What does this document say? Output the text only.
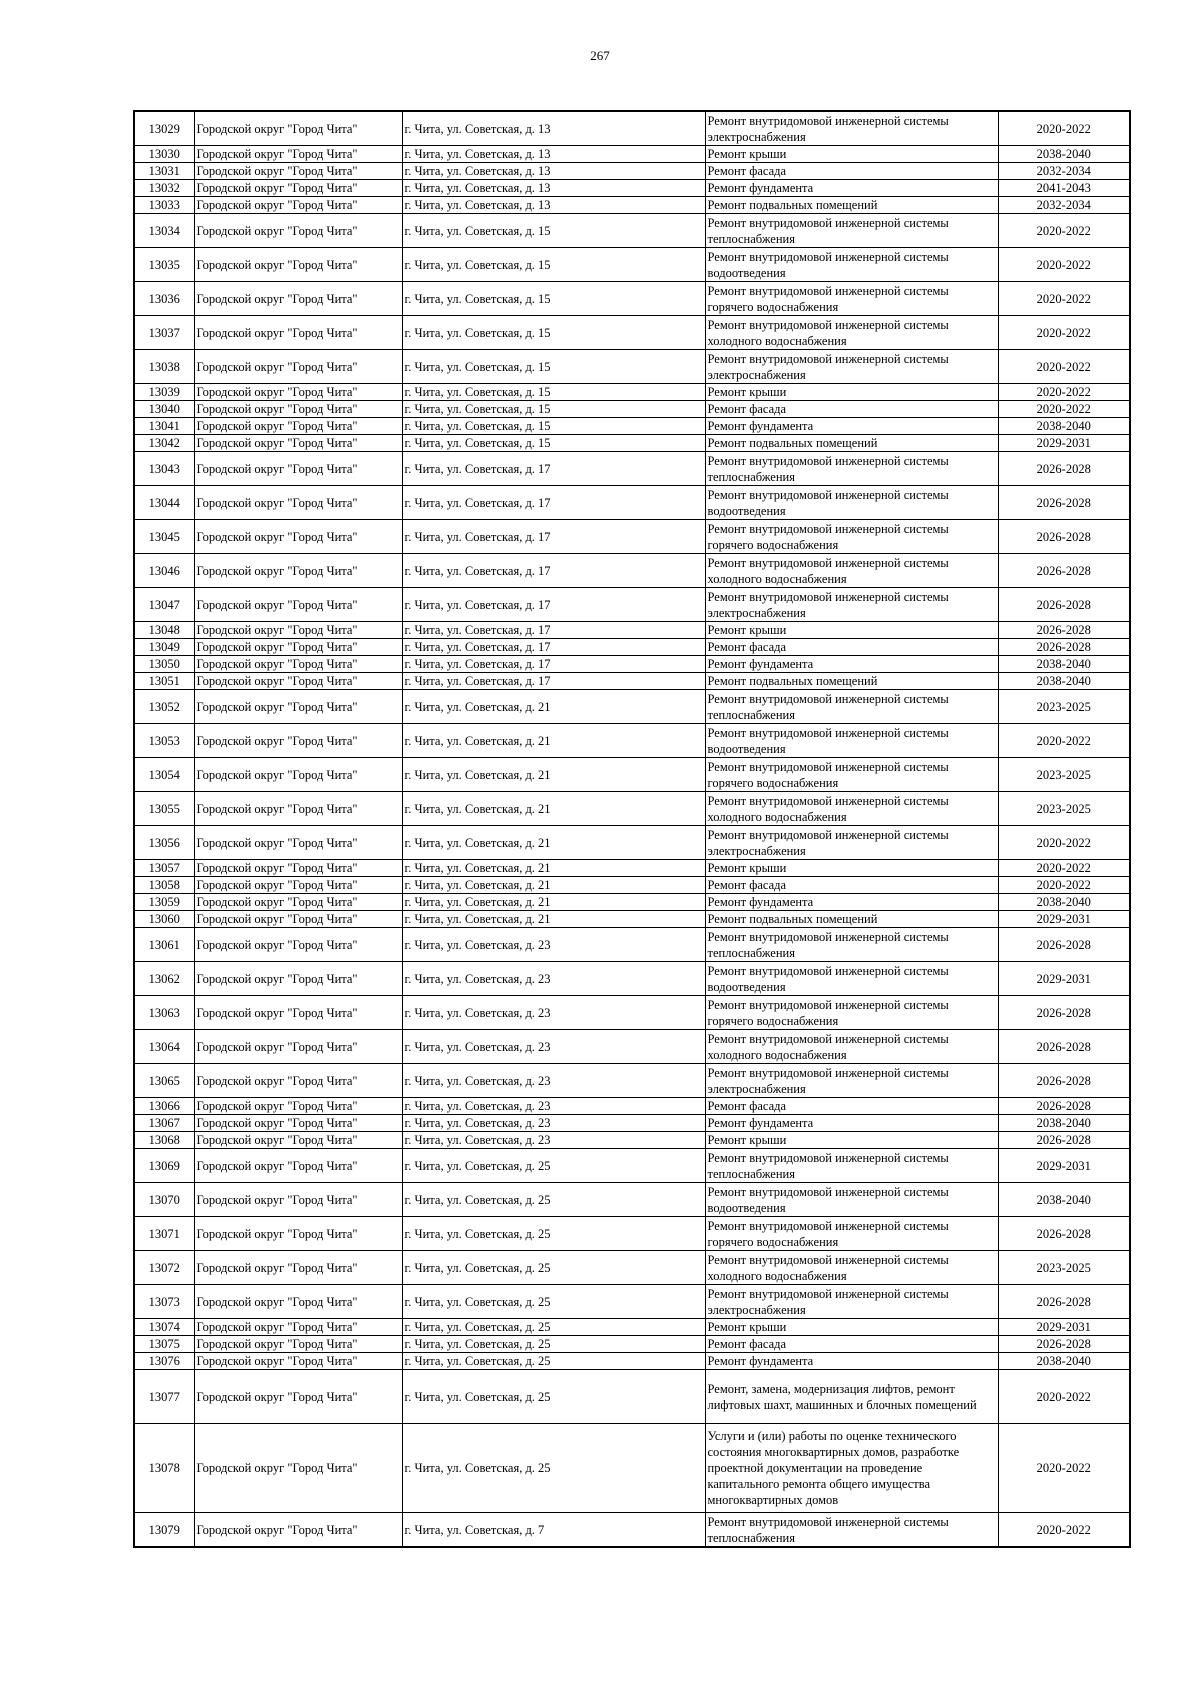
267
13029	Городской округ "Город Чита"	г. Чита, ул. Советская, д. 13	Ремонт внутридомовой инженерной системы электроснабжения	2020-2022
13030	Городской округ "Город Чита"	г. Чита, ул. Советская, д. 13	Ремонт крыши	2038-2040
13031	Городской округ "Город Чита"	г. Чита, ул. Советская, д. 13	Ремонт фасада	2032-2034
13032	Городской округ "Город Чита"	г. Чита, ул. Советская, д. 13	Ремонт фундамента	2041-2043
13033	Городской округ "Город Чита"	г. Чита, ул. Советская, д. 13	Ремонт подвальных помещений	2032-2034
13034	Городской округ "Город Чита"	г. Чита, ул. Советская, д. 15	Ремонт внутридомовой инженерной системы теплоснабжения	2020-2022
13035	Городской округ "Город Чита"	г. Чита, ул. Советская, д. 15	Ремонт внутридомовой инженерной системы водоотведения	2020-2022
13036	Городской округ "Город Чита"	г. Чита, ул. Советская, д. 15	Ремонт внутридомовой инженерной системы горячего водоснабжения	2020-2022
13037	Городской округ "Город Чита"	г. Чита, ул. Советская, д. 15	Ремонт внутридомовой инженерной системы холодного водоснабжения	2020-2022
13038	Городской округ "Город Чита"	г. Чита, ул. Советская, д. 15	Ремонт внутридомовой инженерной системы электроснабжения	2020-2022
13039	Городской округ "Город Чита"	г. Чита, ул. Советская, д. 15	Ремонт крыши	2020-2022
13040	Городской округ "Город Чита"	г. Чита, ул. Советская, д. 15	Ремонт фасада	2020-2022
13041	Городской округ "Город Чита"	г. Чита, ул. Советская, д. 15	Ремонт фундамента	2038-2040
13042	Городской округ "Город Чита"	г. Чита, ул. Советская, д. 15	Ремонт подвальных помещений	2029-2031
13043	Городской округ "Город Чита"	г. Чита, ул. Советская, д. 17	Ремонт внутридомовой инженерной системы теплоснабжения	2026-2028
13044	Городской округ "Город Чита"	г. Чита, ул. Советская, д. 17	Ремонт внутридомовой инженерной системы водоотведения	2026-2028
13045	Городской округ "Город Чита"	г. Чита, ул. Советская, д. 17	Ремонт внутридомовой инженерной системы горячего водоснабжения	2026-2028
13046	Городской округ "Город Чита"	г. Чита, ул. Советская, д. 17	Ремонт внутридомовой инженерной системы холодного водоснабжения	2026-2028
13047	Городской округ "Город Чита"	г. Чита, ул. Советская, д. 17	Ремонт внутридомовой инженерной системы электроснабжения	2026-2028
13048	Городской округ "Город Чита"	г. Чита, ул. Советская, д. 17	Ремонт крыши	2026-2028
13049	Городской округ "Город Чита"	г. Чита, ул. Советская, д. 17	Ремонт фасада	2026-2028
13050	Городской округ "Город Чита"	г. Чита, ул. Советская, д. 17	Ремонт фундамента	2038-2040
13051	Городской округ "Город Чита"	г. Чита, ул. Советская, д. 17	Ремонт подвальных помещений	2038-2040
13052	Городской округ "Город Чита"	г. Чита, ул. Советская, д. 21	Ремонт внутридомовой инженерной системы теплоснабжения	2023-2025
13053	Городской округ "Город Чита"	г. Чита, ул. Советская, д. 21	Ремонт внутридомовой инженерной системы водоотведения	2020-2022
13054	Городской округ "Город Чита"	г. Чита, ул. Советская, д. 21	Ремонт внутридомовой инженерной системы горячего водоснабжения	2023-2025
13055	Городской округ "Город Чита"	г. Чита, ул. Советская, д. 21	Ремонт внутридомовой инженерной системы холодного водоснабжения	2023-2025
13056	Городской округ "Город Чита"	г. Чита, ул. Советская, д. 21	Ремонт внутридомовой инженерной системы электроснабжения	2020-2022
13057	Городской округ "Город Чита"	г. Чита, ул. Советская, д. 21	Ремонт крыши	2020-2022
13058	Городской округ "Город Чита"	г. Чита, ул. Советская, д. 21	Ремонт фасада	2020-2022
13059	Городской округ "Город Чита"	г. Чита, ул. Советская, д. 21	Ремонт фундамента	2038-2040
13060	Городской округ "Город Чита"	г. Чита, ул. Советская, д. 21	Ремонт подвальных помещений	2029-2031
13061	Городской округ "Город Чита"	г. Чита, ул. Советская, д. 23	Ремонт внутридомовой инженерной системы теплоснабжения	2026-2028
13062	Городской округ "Город Чита"	г. Чита, ул. Советская, д. 23	Ремонт внутридомовой инженерной системы водоотведения	2029-2031
13063	Городской округ "Город Чита"	г. Чита, ул. Советская, д. 23	Ремонт внутридомовой инженерной системы горячего водоснабжения	2026-2028
13064	Городской округ "Город Чита"	г. Чита, ул. Советская, д. 23	Ремонт внутридомовой инженерной системы холодного водоснабжения	2026-2028
13065	Городской округ "Город Чита"	г. Чита, ул. Советская, д. 23	Ремонт внутридомовой инженерной системы электроснабжения	2026-2028
13066	Городской округ "Город Чита"	г. Чита, ул. Советская, д. 23	Ремонт фасада	2026-2028
13067	Городской округ "Город Чита"	г. Чита, ул. Советская, д. 23	Ремонт фундамента	2038-2040
13068	Городской округ "Город Чита"	г. Чита, ул. Советская, д. 23	Ремонт крыши	2026-2028
13069	Городской округ "Город Чита"	г. Чита, ул. Советская, д. 25	Ремонт внутридомовой инженерной системы теплоснабжения	2029-2031
13070	Городской округ "Город Чита"	г. Чита, ул. Советская, д. 25	Ремонт внутридомовой инженерной системы водоотведения	2038-2040
13071	Городской округ "Город Чита"	г. Чита, ул. Советская, д. 25	Ремонт внутридомовой инженерной системы горячего водоснабжения	2026-2028
13072	Городской округ "Город Чита"	г. Чита, ул. Советская, д. 25	Ремонт внутридомовой инженерной системы холодного водоснабжения	2023-2025
13073	Городской округ "Город Чита"	г. Чита, ул. Советская, д. 25	Ремонт внутридомовой инженерной системы электроснабжения	2026-2028
13074	Городской округ "Город Чита"	г. Чита, ул. Советская, д. 25	Ремонт крыши	2029-2031
13075	Городской округ "Город Чита"	г. Чита, ул. Советская, д. 25	Ремонт фасада	2026-2028
13076	Городской округ "Город Чита"	г. Чита, ул. Советская, д. 25	Ремонт фундамента	2038-2040
13077	Городской округ "Город Чита"	г. Чита, ул. Советская, д. 25	Ремонт, замена, модернизация лифтов, ремонт лифтовых шахт, машинных и блочных помещений	2020-2022
13078	Городской округ "Город Чита"	г. Чита, ул. Советская, д. 25	Услуги и (или) работы по оценке технического состояния многоквартирных домов, разработке проектной документации на проведение капитального ремонта общего имущества многоквартирных домов	2020-2022
13079	Городской округ "Город Чита"	г. Чита, ул. Советская, д. 7	Ремонт внутридомовой инженерной системы теплоснабжения	2020-2022
